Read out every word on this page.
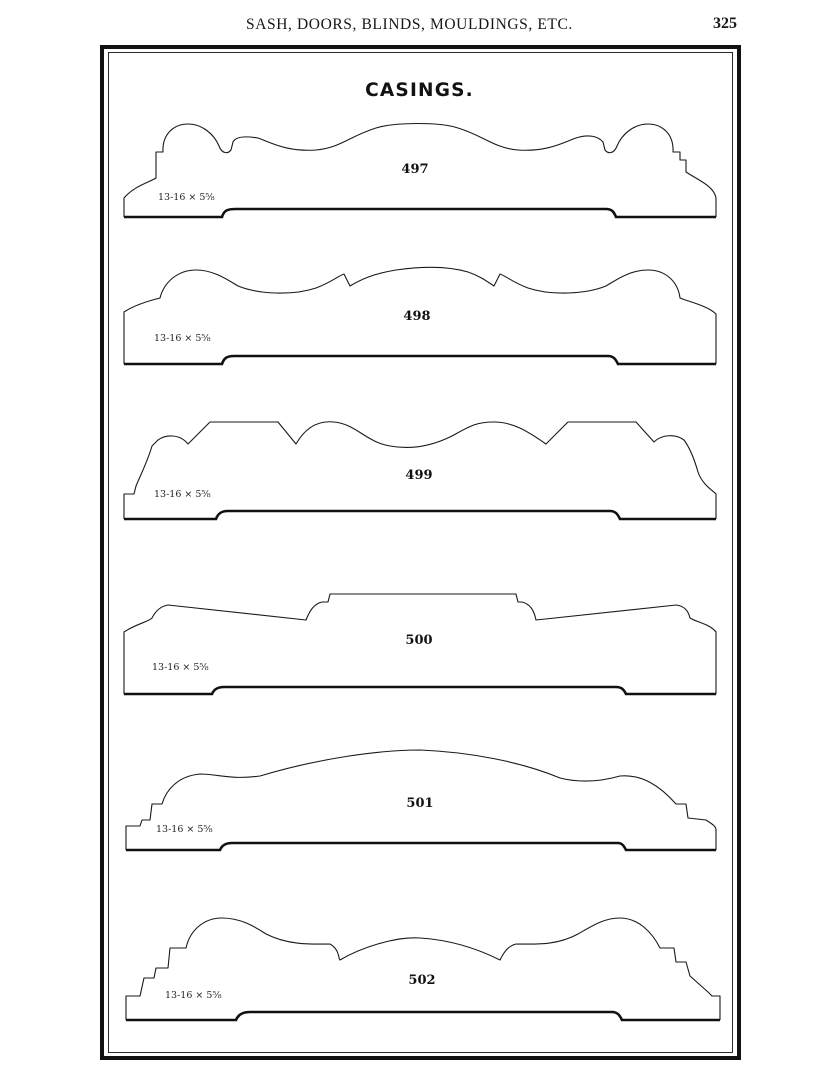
SASH, DOORS, BLINDS, MOULDINGS, ETC.	325
CASINGS.
497
13-16 × 5⅝
498
13-16 × 5⅝
499
13-16 × 5⅝
500
13-16 × 5⅝
501
13-16 × 5⅝
502
13-16 × 5⅝
